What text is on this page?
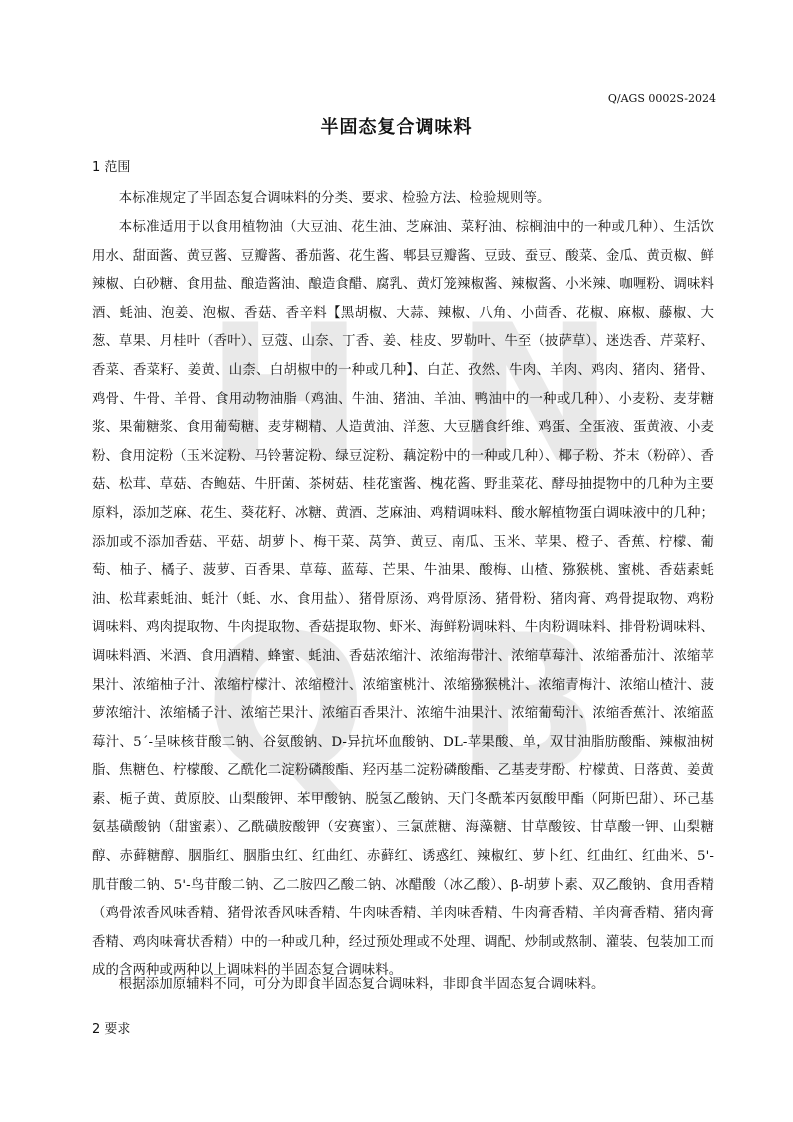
H N
Q B
Q/AGS 0002S-2024
半固态复合调味料
1 范围

本标准规定了半固态复合调味料的分类、要求、检验方法、检验规则等。

本标准适用于以食用植物油（大豆油、花生油、芝麻油、菜籽油、棕榈油中的一种或几种）、生活饮用水、甜面酱、黄豆酱、豆瓣酱、番茄酱、花生酱、郫县豆瓣酱、豆豉、蚕豆、酸菜、金瓜、黄贡椒、鲜辣椒、白砂糖、食用盐、酿造酱油、酿造食醋、腐乳、黄灯笼辣椒酱、辣椒酱、小米辣、咖喱粉、调味料酒、蚝油、泡姜、泡椒、香菇、香辛料【黑胡椒、大蒜、辣椒、八角、小茴香、花椒、麻椒、藤椒、大葱、草果、月桂叶（香叶）、豆蔻、山奈、丁香、姜、桂皮、罗勒叶、牛至（披萨草）、迷迭香、芹菜籽、香菜、香菜籽、姜黄、山柰、白胡椒中的一种或几种】、白芷、孜然、牛肉、羊肉、鸡肉、猪肉、猪骨、鸡骨、牛骨、羊骨、食用动物油脂（鸡油、牛油、猪油、羊油、鸭油中的一种或几种）、小麦粉、麦芽糖浆、果葡糖浆、食用葡萄糖、麦芽糊精、人造黄油、洋葱、大豆膳食纤维、鸡蛋、全蛋液、蛋黄液、小麦粉、食用淀粉（玉米淀粉、马铃薯淀粉、绿豆淀粉、藕淀粉中的一种或几种）、椰子粉、芥末（粉碎）、香菇、松茸、草菇、杏鲍菇、牛肝菌、茶树菇、桂花蜜酱、槐花酱、野韭菜花、酵母抽提物中的几种为主要原料，添加芝麻、花生、葵花籽、冰糖、黄酒、芝麻油、鸡精调味料、酸水解植物蛋白调味液中的几种；添加或不添加香菇、平菇、胡萝卜、梅干菜、莴笋、黄豆、南瓜、玉米、苹果、橙子、香蕉、柠檬、葡萄、柚子、橘子、菠萝、百香果、草莓、蓝莓、芒果、牛油果、酸梅、山楂、猕猴桃、蜜桃、香菇素蚝油、松茸素蚝油、蚝汁（蚝、水、食用盐）、猪骨原汤、鸡骨原汤、猪骨粉、猪肉膏、鸡骨提取物、鸡粉调味料、鸡肉提取物、牛肉提取物、香菇提取物、虾米、海鲜粉调味料、牛肉粉调味料、排骨粉调味料、调味料酒、米酒、食用酒精、蜂蜜、蚝油、香菇浓缩汁、浓缩海带汁、浓缩草莓汁、浓缩番茄汁、浓缩苹果汁、浓缩柚子汁、浓缩柠檬汁、浓缩橙汁、浓缩蜜桃汁、浓缩猕猴桃汁、浓缩青梅汁、浓缩山楂汁、菠萝浓缩汁、浓缩橘子汁、浓缩芒果汁、浓缩百香果汁、浓缩牛油果汁、浓缩葡萄汁、浓缩香蕉汁、浓缩蓝莓汁、5´-呈味核苷酸二钠、谷氨酸钠、D-异抗坏血酸钠、DL-苹果酸、单，双甘油脂肪酸酯、辣椒油树脂、焦糖色、柠檬酸、乙酰化二淀粉磷酸酯、羟丙基二淀粉磷酸酯、乙基麦芽酚、柠檬黄、日落黄、姜黄素、栀子黄、黄原胶、山梨酸钾、苯甲酸钠、脱氢乙酸钠、天门冬酰苯丙氨酸甲酯（阿斯巴甜）、环己基氨基磺酸钠（甜蜜素）、乙酰磺胺酸钾（安赛蜜）、三氯蔗糖、海藻糖、甘草酸铵、甘草酸一钾、山梨糖醇、赤藓糖醇、胭脂红、胭脂虫红、红曲红、赤藓红、诱惑红、辣椒红、萝卜红、红曲红、红曲米、5'-肌苷酸二钠、5'-鸟苷酸二钠、乙二胺四乙酸二钠、冰醋酸（冰乙酸）、β-胡萝卜素、双乙酸钠、食用香精（鸡骨浓香风味香精、猪骨浓香风味香精、牛肉味香精、羊肉味香精、牛肉膏香精、羊肉膏香精、猪肉膏香精、鸡肉味膏状香精）中的一种或几种，经过预处理或不处理、调配、炒制或熬制、灌装、包装加工而成的含两种或两种以上调味料的半固态复合调味料。

根据添加原辅料不同，可分为即食半固态复合调味料，非即食半固态复合调味料。

2 要求
